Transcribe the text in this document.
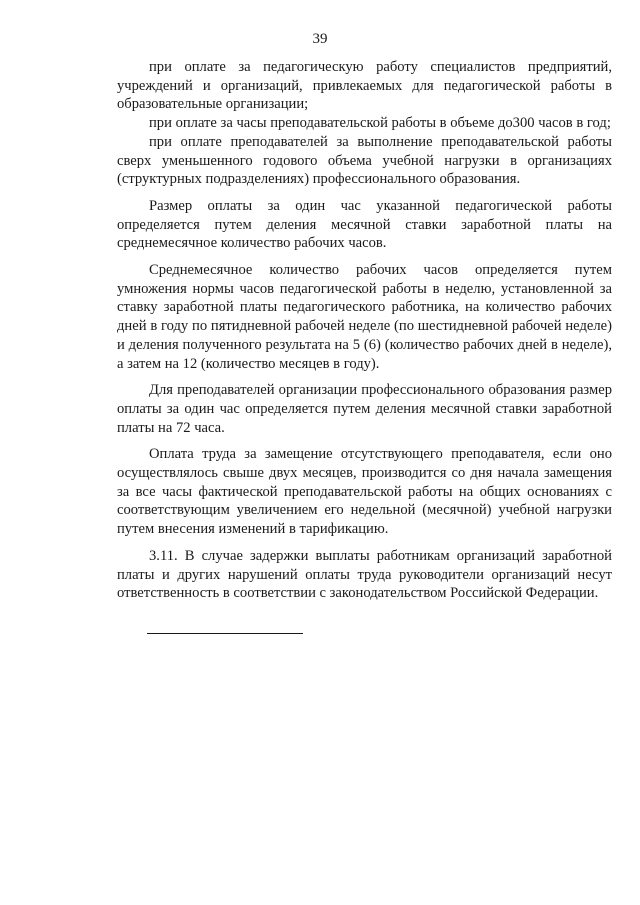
39

при оплате за педагогическую работу специалистов предприятий, учреждений и организаций, привлекаемых для педагогической работы в образовательные организации;

при оплате за часы преподавательской работы в объеме до300 часов в год;

при оплате преподавателей за выполнение преподавательской работы сверх уменьшенного годового объема учебной нагрузки в организациях (структурных подразделениях) профессионального образования.

Размер оплаты за один час указанной педагогической работы определяется путем деления месячной ставки заработной платы на среднемесячное количество рабочих часов.

Среднемесячное количество рабочих часов определяется путем умножения нормы часов педагогической работы в неделю, установленной за ставку заработной платы педагогического работника, на количество рабочих дней в году по пятидневной рабочей неделе (по шестидневной рабочей неделе) и деления полученного результата на 5 (6) (количество рабочих дней в неделе), а затем на 12 (количество месяцев в году).

Для преподавателей организации профессионального образования размер оплаты за один час определяется путем деления месячной ставки заработной платы на 72 часа.

Оплата труда за замещение отсутствующего преподавателя, если оно осуществлялось свыше двух месяцев, производится со дня начала замещения за все часы фактической преподавательской работы на общих основаниях с соответствующим увеличением его недельной (месячной) учебной нагрузки путем внесения изменений в тарификацию.

3.11. В случае задержки выплаты работникам организаций заработной платы и других нарушений оплаты труда руководители организаций несут ответственность в соответствии с законодательством Российской Федерации.
